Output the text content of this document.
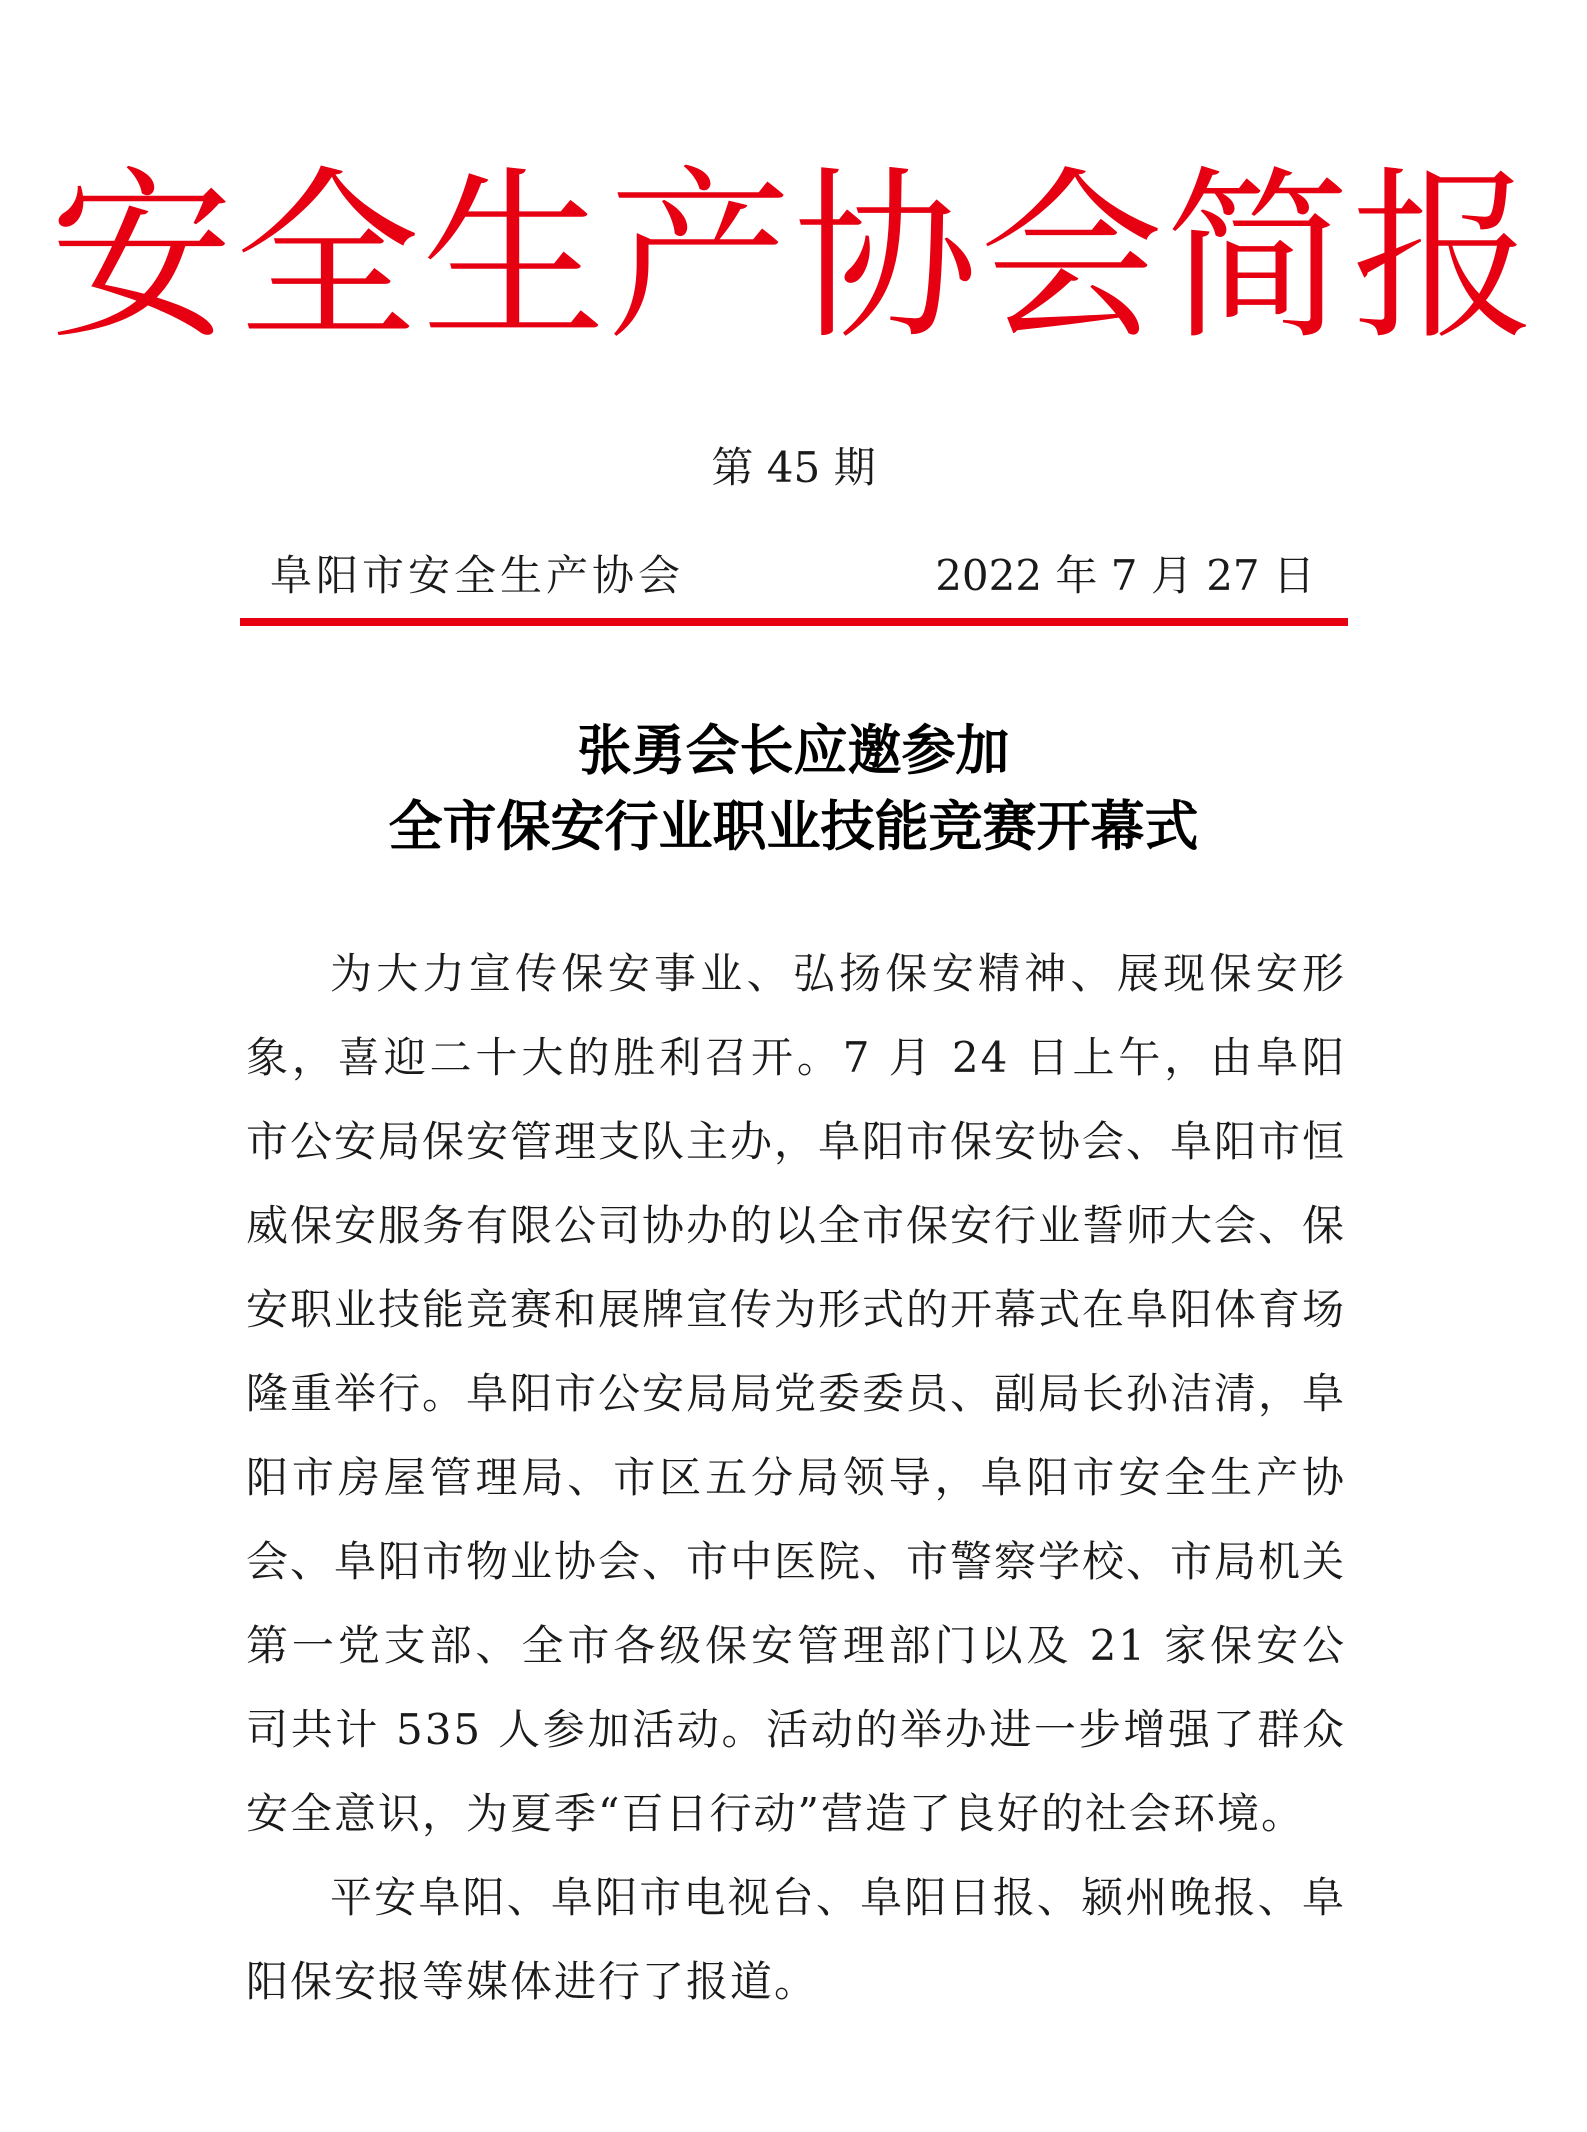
安全生产协会简报
第 45 期
阜阳市安全生产协会	2022 年 7 月 27 日
张勇会长应邀参加
全市保安行业职业技能竞赛开幕式

为大力宣传保安事业、弘扬保安精神、展现保安形象，喜迎二十大的胜利召开。7 月 24 日上午，由阜阳市公安局保安管理支队主办，阜阳市保安协会、阜阳市恒威保安服务有限公司协办的以全市保安行业誓师大会、保安职业技能竞赛和展牌宣传为形式的开幕式在阜阳体育场隆重举行。阜阳市公安局局党委委员、副局长孙洁清，阜阳市房屋管理局、市区五分局领导，阜阳市安全生产协会、阜阳市物业协会、市中医院、市警察学校、市局机关第一党支部、全市各级保安管理部门以及 21 家保安公司共计 535 人参加活动。活动的举办进一步增强了群众安全意识，为夏季“百日行动”营造了良好的社会环境。

平安阜阳、阜阳市电视台、阜阳日报、颍州晚报、阜阳保安报等媒体进行了报道。
